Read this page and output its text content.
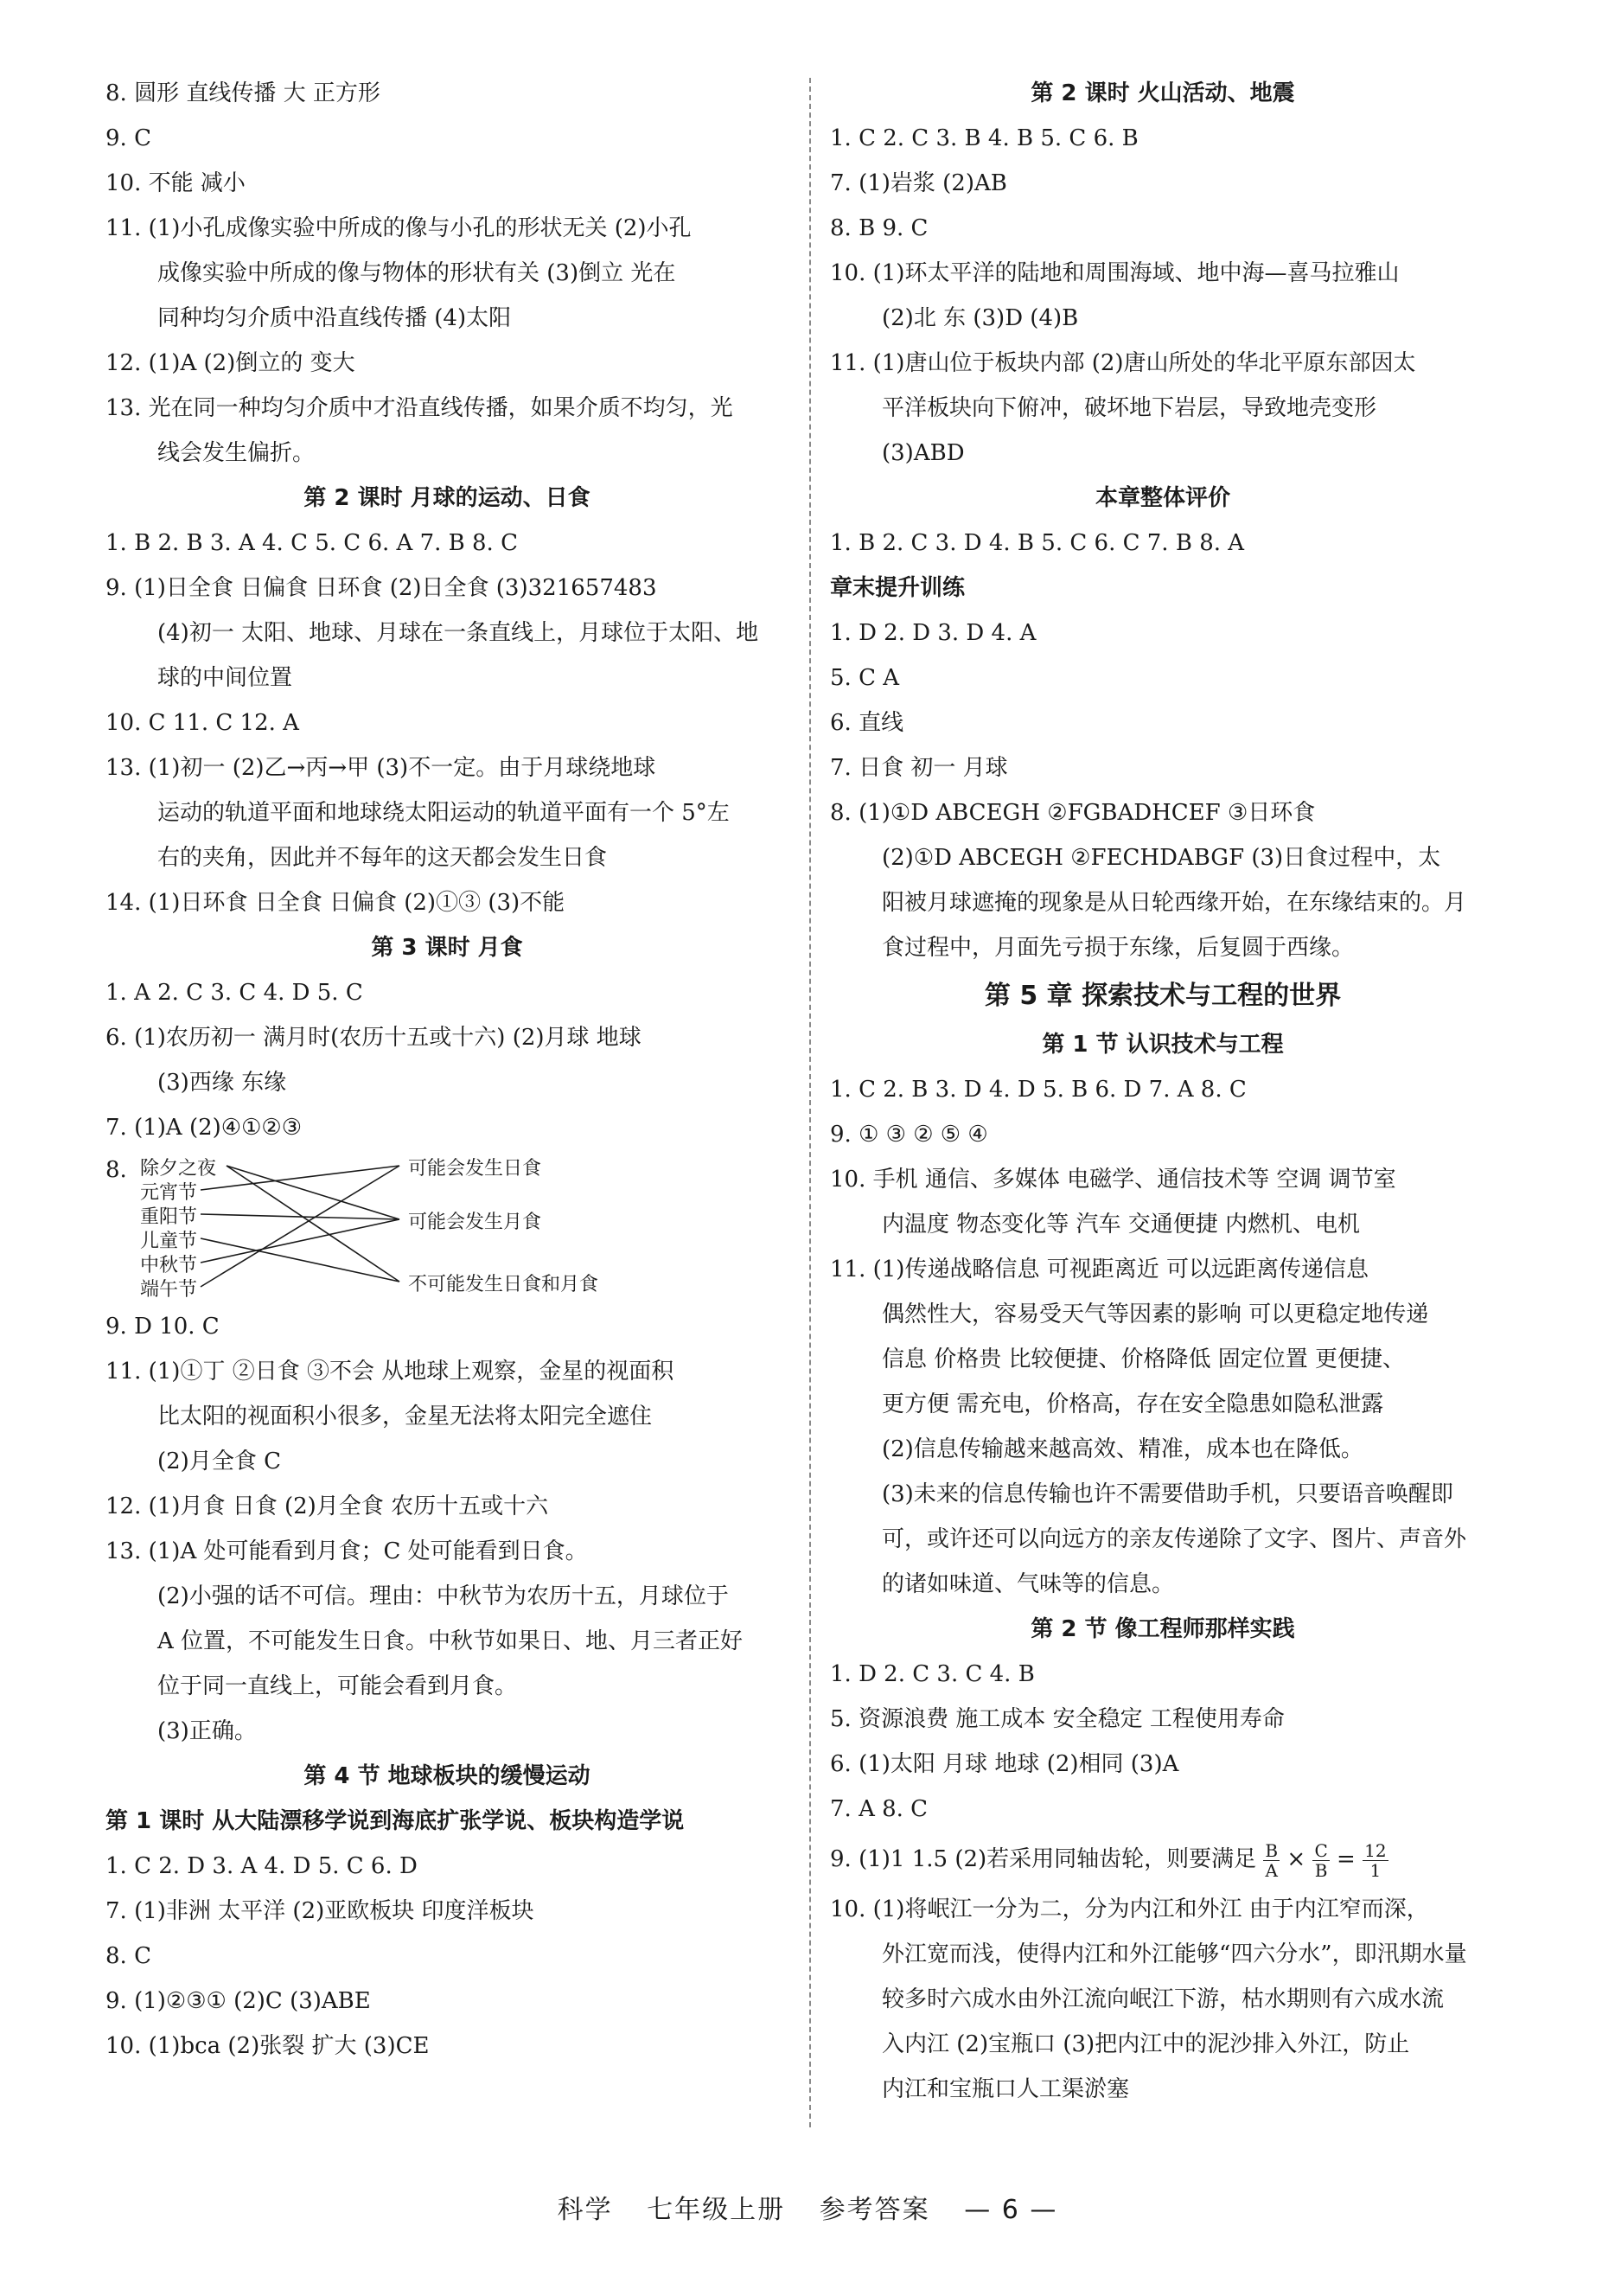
8. 圆形 直线传播 大 正方形
9. C
10. 不能 减小
11. (1)小孔成像实验中所成的像与小孔的形状无关 (2)小孔
成像实验中所成的像与物体的形状有关 (3)倒立 光在
同种均匀介质中沿直线传播 (4)太阳
12. (1)A (2)倒立的 变大
13. 光在同一种均匀介质中才沿直线传播，如果介质不均匀，光
线会发生偏折。
第 2 课时 月球的运动、日食
1. B 2. B 3. A 4. C 5. C 6. A 7. B 8. C
9. (1)日全食 日偏食 日环食 (2)日全食 (3)321657483
(4)初一 太阳、地球、月球在一条直线上，月球位于太阳、地
球的中间位置
10. C 11. C 12. A
13. (1)初一 (2)乙→丙→甲 (3)不一定。由于月球绕地球
运动的轨道平面和地球绕太阳运动的轨道平面有一个 5°左
右的夹角，因此并不每年的这天都会发生日食
14. (1)日环食 日全食 日偏食 (2)①③ (3)不能
第 3 课时 月食
1. A 2. C 3. C 4. D 5. C
6. (1)农历初一 满月时(农历十五或十六) (2)月球 地球
(3)西缘 东缘
7. (1)A (2)④①②③
8. 除夕之夜
元宵节
重阳节
儿童节
中秋节
端午节
可能会发生日食
可能会发生月食
不可能发生日食和月食
9. D 10. C
11. (1)①丁 ②日食 ③不会 从地球上观察，金星的视面积
比太阳的视面积小很多，金星无法将太阳完全遮住
(2)月全食 C
12. (1)月食 日食 (2)月全食 农历十五或十六
13. (1)A 处可能看到月食；C 处可能看到日食。
(2)小强的话不可信。理由：中秋节为农历十五，月球位于
A 位置，不可能发生日食。中秋节如果日、地、月三者正好
位于同一直线上，可能会看到月食。
(3)正确。
第 4 节 地球板块的缓慢运动
第 1 课时 从大陆漂移学说到海底扩张学说、板块构造学说
1. C 2. D 3. A 4. D 5. C 6. D
7. (1)非洲 太平洋 (2)亚欧板块 印度洋板块
8. C
9. (1)②③① (2)C (3)ABE
10. (1)bca (2)张裂 扩大 (3)CE
第 2 课时 火山活动、地震
1. C 2. C 3. B 4. B 5. C 6. B
7. (1)岩浆 (2)AB
8. B 9. C
10. (1)环太平洋的陆地和周围海域、地中海—喜马拉雅山
(2)北 东 (3)D (4)B
11. (1)唐山位于板块内部 (2)唐山所处的华北平原东部因太
平洋板块向下俯冲，破坏地下岩层，导致地壳变形
(3)ABD
本章整体评价
1. B 2. C 3. D 4. B 5. C 6. C 7. B 8. A
章末提升训练
1. D 2. D 3. D 4. A
5. C A
6. 直线
7. 日食 初一 月球
8. (1)①D ABCEGH ②FGBADHCEF ③日环食
(2)①D ABCEGH ②FECHDABGF (3)日食过程中，太
阳被月球遮掩的现象是从日轮西缘开始，在东缘结束的。月
食过程中，月面先亏损于东缘，后复圆于西缘。
第 5 章 探索技术与工程的世界
第 1 节 认识技术与工程
1. C 2. B 3. D 4. D 5. B 6. D 7. A 8. C
9. ① ③ ② ⑤ ④
10. 手机 通信、多媒体 电磁学、通信技术等 空调 调节室
内温度 物态变化等 汽车 交通便捷 内燃机、电机
11. (1)传递战略信息 可视距离近 可以远距离传递信息
偶然性大，容易受天气等因素的影响 可以更稳定地传递
信息 价格贵 比较便捷、价格降低 固定位置 更便捷、
更方便 需充电，价格高，存在安全隐患如隐私泄露
(2)信息传输越来越高效、精准，成本也在降低。
(3)未来的信息传输也许不需要借助手机，只要语音唤醒即
可，或许还可以向远方的亲友传递除了文字、图片、声音外
的诸如味道、气味等的信息。
第 2 节 像工程师那样实践
1. D 2. C 3. C 4. B
5. 资源浪费 施工成本 安全稳定 工程使用寿命
6. (1)太阳 月球 地球 (2)相同 (3)A
7. A 8. C
9. (1)1 1.5 (2)若采用同轴齿轮，则要满足 $\frac{B}{A} \times \frac{C}{B} = \frac{12}{1}$
10. (1)将岷江一分为二，分为内江和外江 由于内江窄而深，
外江宽而浅，使得内江和外江能够“四六分水”，即汛期水量
较多时六成水由外江流向岷江下游，枯水期则有六成水流
入内江 (2)宝瓶口 (3)把内江中的泥沙排入外江，防止
内江和宝瓶口人工渠淤塞
科学 七年级上册 参考答案 — 6 —
